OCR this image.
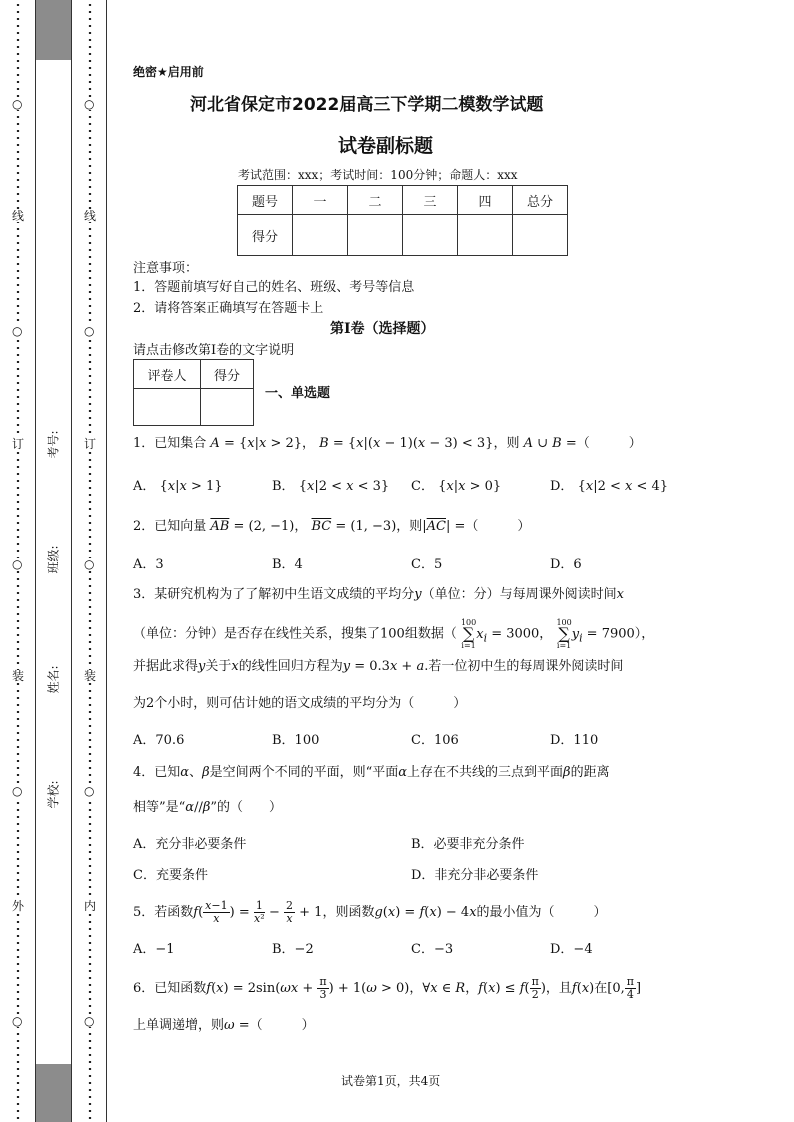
○
线
○
订
○
装
○
外
○
○
线
○
订
○
装
○
内
○
考号:
班级:
姓名:
学校:
绝密★启用前
河北省保定市2022届高三下学期二模数学试题
试卷副标题
考试范围：xxx；考试时间：100分钟；命题人：xxx
题号	一	二	三	四	总分
得分					
注意事项：
1．答题前填写好自己的姓名、班级、考号等信息
2．请将答案正确填写在答题卡上
第I卷（选择题）
请点击修改第I卷的文字说明
评卷人	得分

一、单选题
1．已知集合 A = {x|x > 2}， B = {x|(x − 1)(x − 3) < 3}，则 A ∪ B =（　　　）
A． {x|x > 1}	B． {x|2 < x < 3} C． {x|x > 0}	D． {x|2 < x < 4}
2．已知向量 $\overline{AB} = (2$, −1)， $\overline{BC} = (1$, −3)，则$|\overline{AC}|$ =（　　　）
A．3	B．4	C．5	D．6
3．某研究机构为了了解初中生语文成绩的平均分y（单位：分）与每周课外阅读时间x
（单位：分钟）是否存在线性关系，搜集了100组数据（
100
∑
i=1
$x_i = 3000$，
100
∑
i=1
$y_i = 7900$），
并据此求得y关于x的线性回归方程为y = 0.3x + a.若一位初中生的每周课外阅读时间
为2个小时，则可估计她的语文成绩的平均分为（　　　）
A．70.6	B．100	C．106	D．110
4．已知α、β是空间两个不同的平面，则“平面α上存在不共线的三点到平面β的距离
相等”是“α//β”的（　　）
A．充分非必要条件	B．必要非充分条件
C．充要条件	D．非充分非必要条件
5．若函数$f( \frac{x-1}{x}$ ) = $\frac{1}{\text{x²}} - \frac{2}{x} + 1$，则函数g(x) = f(x) − 4x的最小值为（　　　）
A．−1	B．−2	C．−3	D．−4
6．已知函数$f(x) = 2\sin(\omega x + \frac{\pi}{3}$ ) + 1(ω > 0)，∀x ∈ R，$f(x) \le f( \frac{\pi}{2}$ )，且f(x)在[0, $\frac{\pi}{4}$ ]
上单调递增，则ω =（　　　）
试卷第1页，共4页
